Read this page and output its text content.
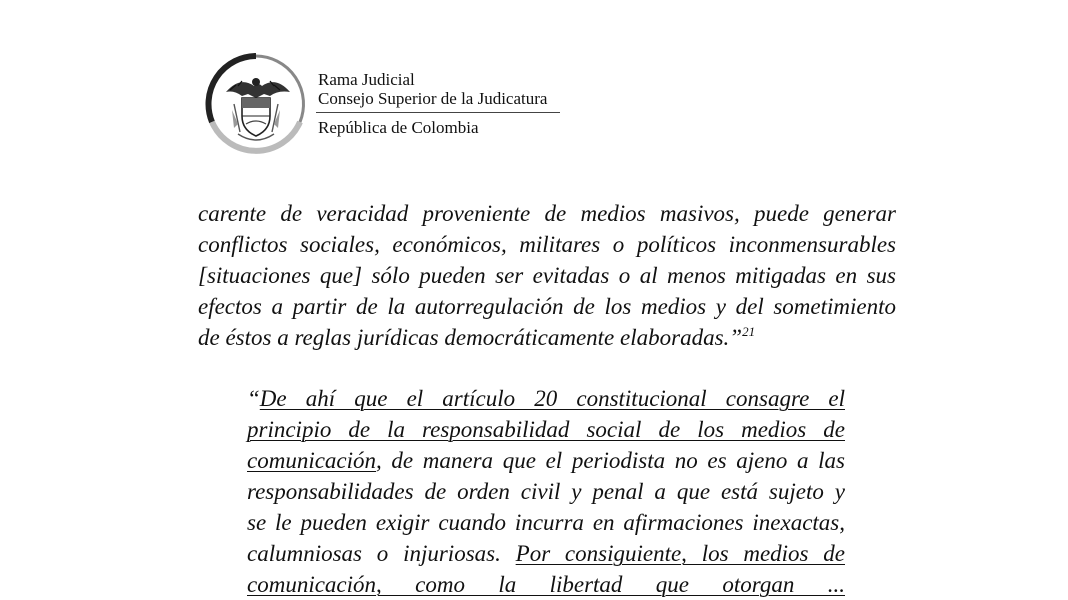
Rama Judicial
Consejo Superior de la Judicatura
República de Colombia
carente de veracidad proveniente de medios masivos, puede generar
conflictos sociales, económicos, militares o políticos inconmensurables
[situaciones que] sólo pueden ser evitadas o al menos mitigadas en sus
efectos a partir de la autorregulación de los medios y del sometimiento
de éstos a reglas jurídicas democráticamente elaboradas.”$^{21}$
“De ahí que el artículo 20 constitucional consagre el
principio de la responsabilidad social de los medios de
comunicación, de manera que el periodista no es ajeno a las
responsabilidades de orden civil y penal a que está sujeto y
se le pueden exigir cuando incurra en afirmaciones inexactas,
calumniosas o injuriosas. Por consiguiente, los medios de
comunicación, como la libertad que otorgan ...
